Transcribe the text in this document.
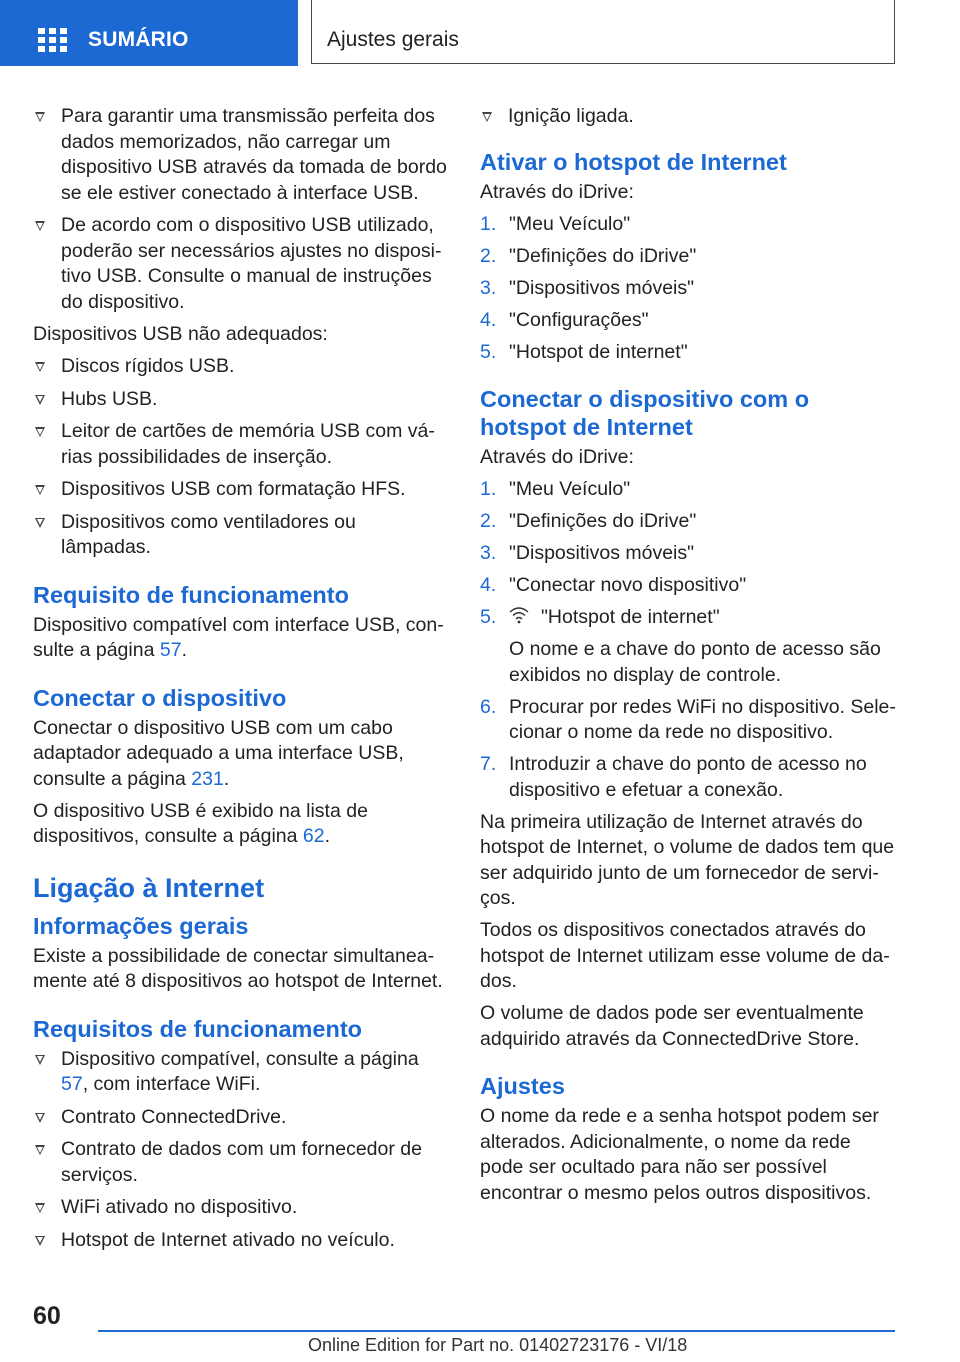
SUMÁRIO	Ajustes gerais
Para garantir uma transmissão perfeita dos dados memorizados, não carregar um dispositivo USB através da tomada de bordo se ele estiver conectado à interface USB.
De acordo com o dispositivo USB utilizado, poderão ser necessários ajustes no dispositivo USB. Consulte o manual de instruções do dispositivo.

Dispositivos USB não adequados:

Discos rígidos USB.
Hubs USB.
Leitor de cartões de memória USB com várias possibilidades de inserção.
Dispositivos USB com formatação HFS.
Dispositivos como ventiladores ou lâmpadas.
Requisito de funcionamento

Dispositivo compatível com interface USB, consulte a página 57.

Conectar o dispositivo

Conectar o dispositivo USB com um cabo adaptador adequado a uma interface USB, consulte a página 231.

O dispositivo USB é exibido na lista de dispositivos, consulte a página 62.

Ligação à Internet
Informações gerais

Existe a possibilidade de conectar simultaneamente até 8 dispositivos ao hotspot de Internet.

Requisitos de funcionamento
Dispositivo compatível, consulte a página 57, com interface WiFi.
Contrato ConnectedDrive.
Contrato de dados com um fornecedor de serviços.
WiFi ativado no dispositivo.
Hotspot de Internet ativado no veículo.
Ignição ligada.
Ativar o hotspot de Internet

Através do iDrive:

1. "Meu Veículo"
2. "Definições do iDrive"
3. "Dispositivos móveis"
4. "Configurações"
5. "Hotspot de internet"
Conectar o dispositivo com o hotspot de Internet

Através do iDrive:

1. "Meu Veículo"
2. "Definições do iDrive"
3. "Dispositivos móveis"
4. "Conectar novo dispositivo"
5. "Hotspot de internet"
O nome e a chave do ponto de acesso são exibidos no display de controle.
6. Procurar por redes WiFi no dispositivo. Selecionar o nome da rede no dispositivo.
7. Introduzir a chave do ponto de acesso no dispositivo e efetuar a conexão.

Na primeira utilização de Internet através do hotspot de Internet, o volume de dados tem que ser adquirido junto de um fornecedor de serviços.

Todos os dispositivos conectados através do hotspot de Internet utilizam esse volume de dados.

O volume de dados pode ser eventualmente adquirido através da ConnectedDrive Store.

Ajustes

O nome da rede e a senha hotspot podem ser alterados. Adicionalmente, o nome da rede pode ser ocultado para não ser possível encontrar o mesmo pelos outros dispositivos.

60
Online Edition for Part no. 01402723176 - VI/18
